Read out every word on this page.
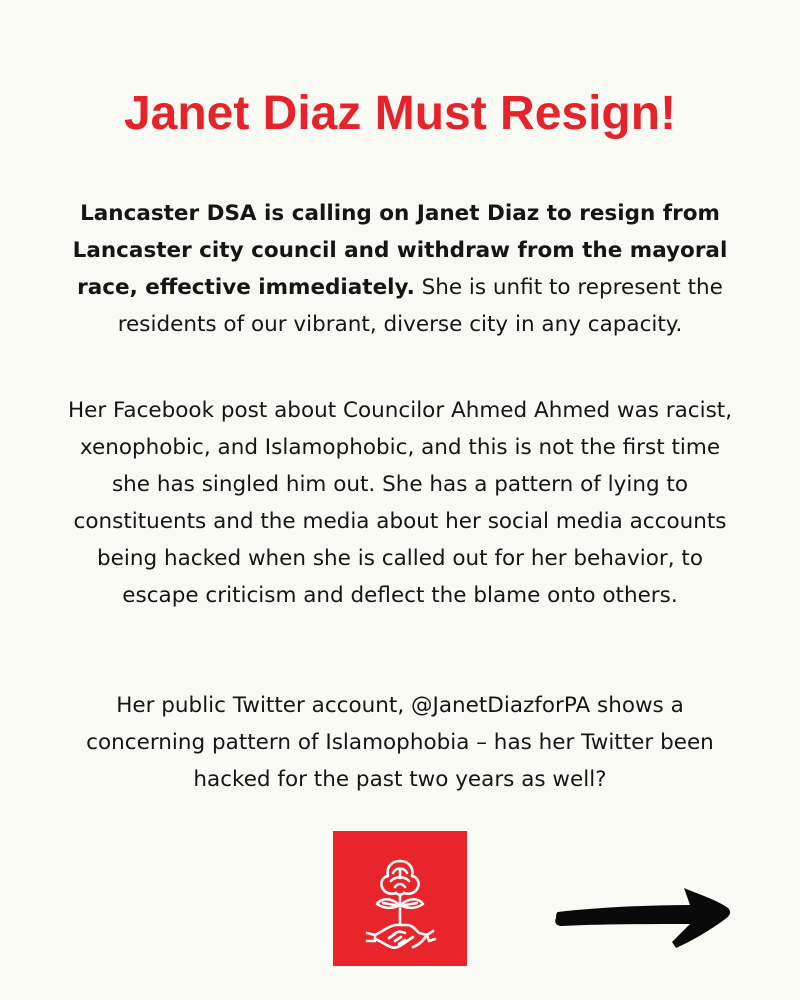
Janet Diaz Must Resign!

Lancaster DSA is calling on Janet Diaz to resign from Lancaster city council and withdraw from the mayoral race, effective immediately. She is unfit to represent the residents of our vibrant, diverse city in any capacity.

Her Facebook post about Councilor Ahmed Ahmed was racist, xenophobic, and Islamophobic, and this is not the first time she has singled him out. She has a pattern of lying to constituents and the media about her social media accounts being hacked when she is called out for her behavior, to escape criticism and deflect the blame onto others.

Her public Twitter account, @JanetDiazforPA shows a concerning pattern of Islamophobia – has her Twitter been hacked for the past two years as well?
